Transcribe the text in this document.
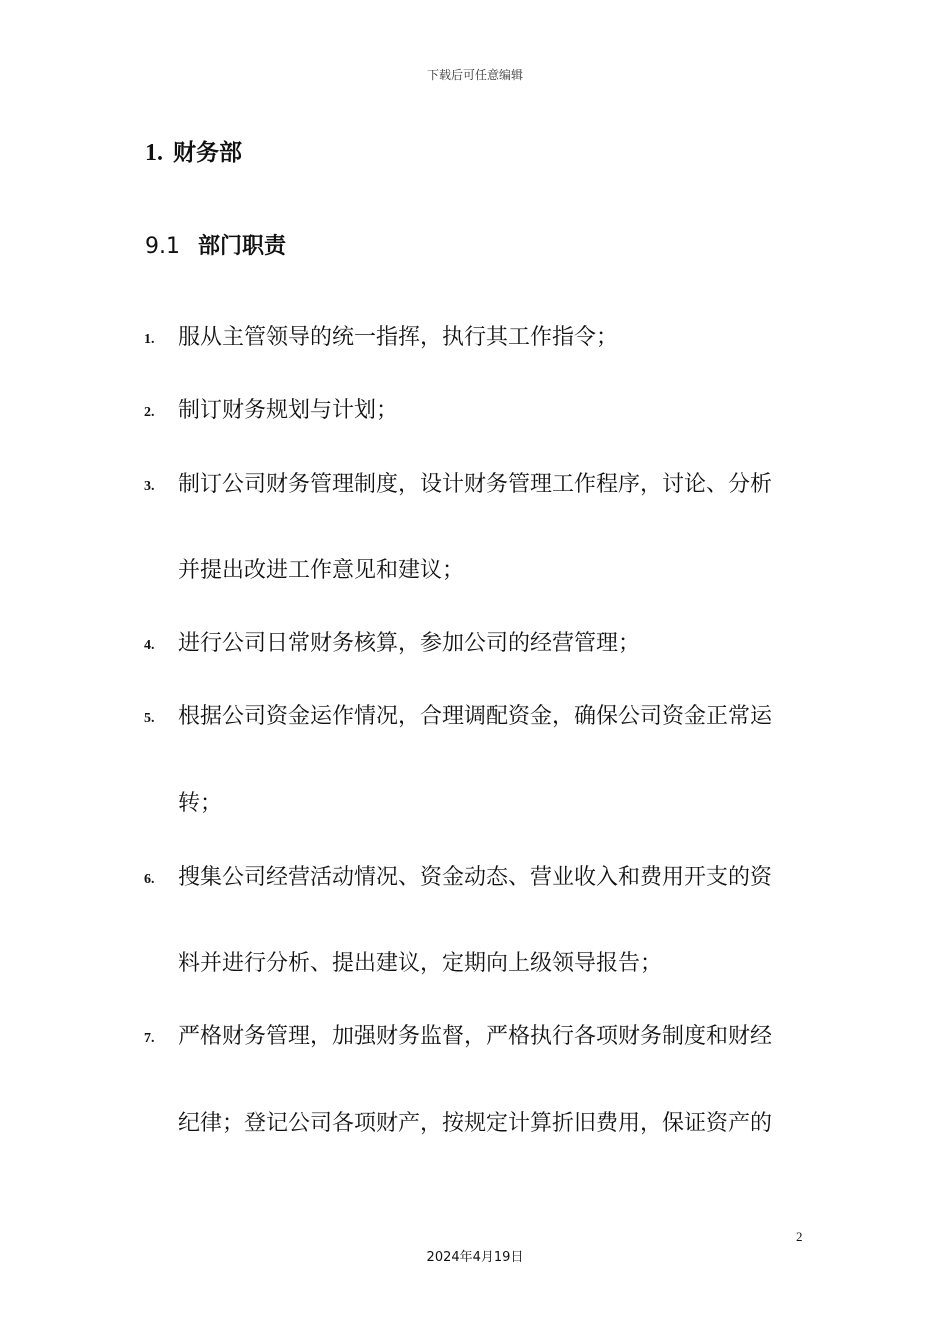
下载后可任意编辑
1. 财务部
9.1 部门职责
1. 服从主管领导的统一指挥，执行其工作指令；
2. 制订财务规划与计划；
3. 制订公司财务管理制度，设计财务管理工作程序，讨论、分析
并提出改进工作意见和建议；
4. 进行公司日常财务核算，参加公司的经营管理；
5. 根据公司资金运作情况，合理调配资金，确保公司资金正常运
转；
6. 搜集公司经营活动情况、资金动态、营业收入和费用开支的资
料并进行分析、提出建议，定期向上级领导报告；
7. 严格财务管理，加强财务监督，严格执行各项财务制度和财经
纪律；登记公司各项财产，按规定计算折旧费用，保证资产的
2
2024年4月19日
